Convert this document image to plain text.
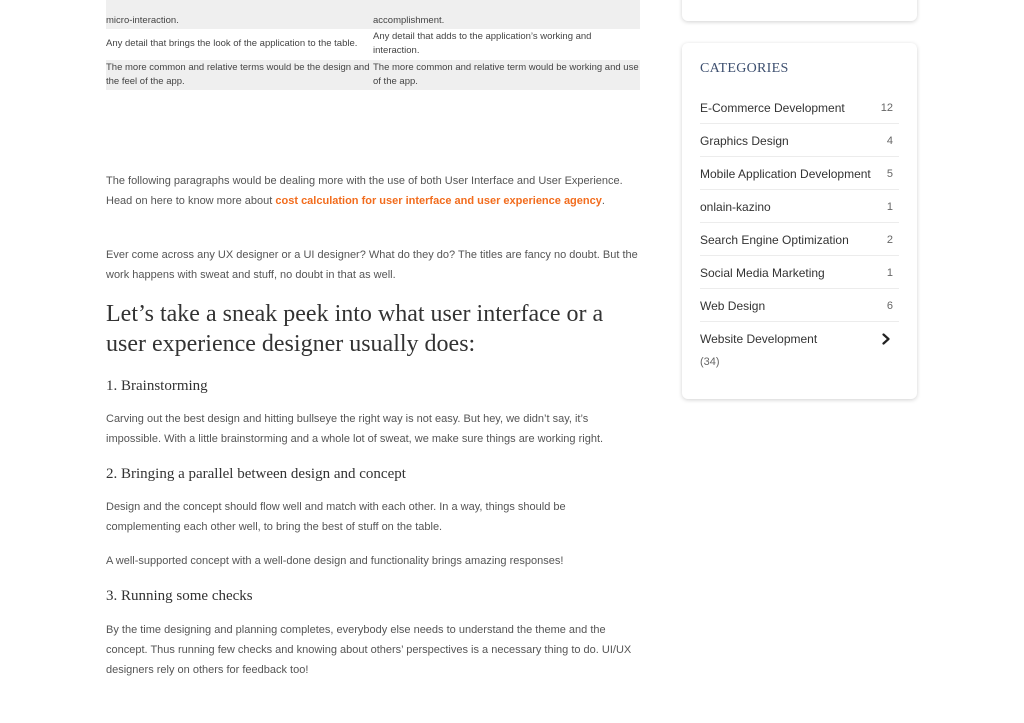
micro-interaction.	accomplishment.
Any detail that brings the look of the application to the table.	Any detail that adds to the application’s working and interaction.
The more common and relative terms would be the design and the feel of the app.	The more common and relative term would be working and use of the app.

The following paragraphs would be dealing more with the use of both User Interface and User Experience. Head on here to know more about cost calculation for user interface and user experience agency.

Ever come across any UX designer or a UI designer? What do they do? The titles are fancy no doubt. But the work happens with sweat and stuff, no doubt in that as well.

Let’s take a sneak peek into what user interface or a user experience designer usually does:
1. Brainstorming

Carving out the best design and hitting bullseye the right way is not easy. But hey, we didn’t say, it’s impossible. With a little brainstorming and a whole lot of sweat, we make sure things are working right.

2. Bringing a parallel between design and concept

Design and the concept should flow well and match with each other. In a way, things should be complementing each other well, to bring the best of stuff on the table.

A well-supported concept with a well-done design and functionality brings amazing responses!

3. Running some checks

By the time designing and planning completes, everybody else needs to understand the theme and the concept. Thus running few checks and knowing about others’ perspectives is a necessary thing to do. UI/UX designers rely on others for feedback too!

CATEGORIES
E-Commerce Development	12
Graphics Design	4
Mobile Application Development 5
onlain-kazino	1
Search Engine Optimization	2
Social Media Marketing	1
Web Design	6
Website Development
(34)
